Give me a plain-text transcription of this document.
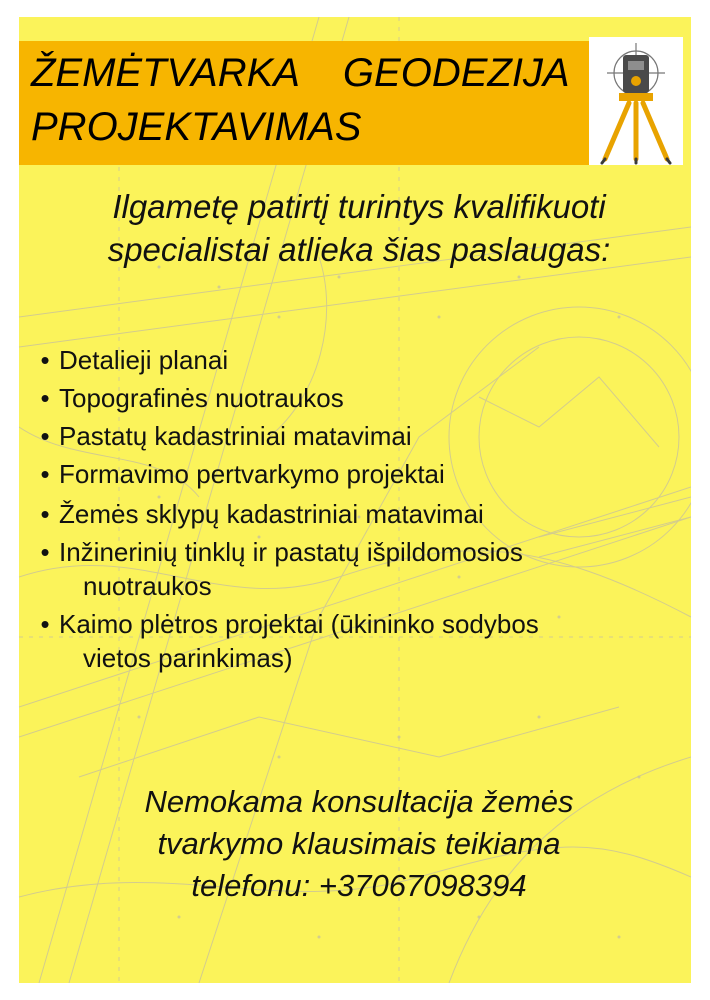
ŽEMĖTVARKA    GEODEZIJA
PROJEKTAVIMAS

Ilgametę patirtį turintys kvalifikuoti
specialistai atlieka šias paslaugas:

• Detalieji planai
• Topografinės nuotraukos
• Pastatų kadastriniai matavimai
• Formavimo pertvarkymo projektai
• Žemės sklypų kadastriniai matavimai
• Inžinerinių tinklų ir pastatų išpildomosios
nuotraukos
• Kaimo plėtros projektai (ūkininko sodybos
vietos parinkimas)

Nemokama konsultacija žemės
tvarkymo klausimais teikiama
telefonu: +37067098394
